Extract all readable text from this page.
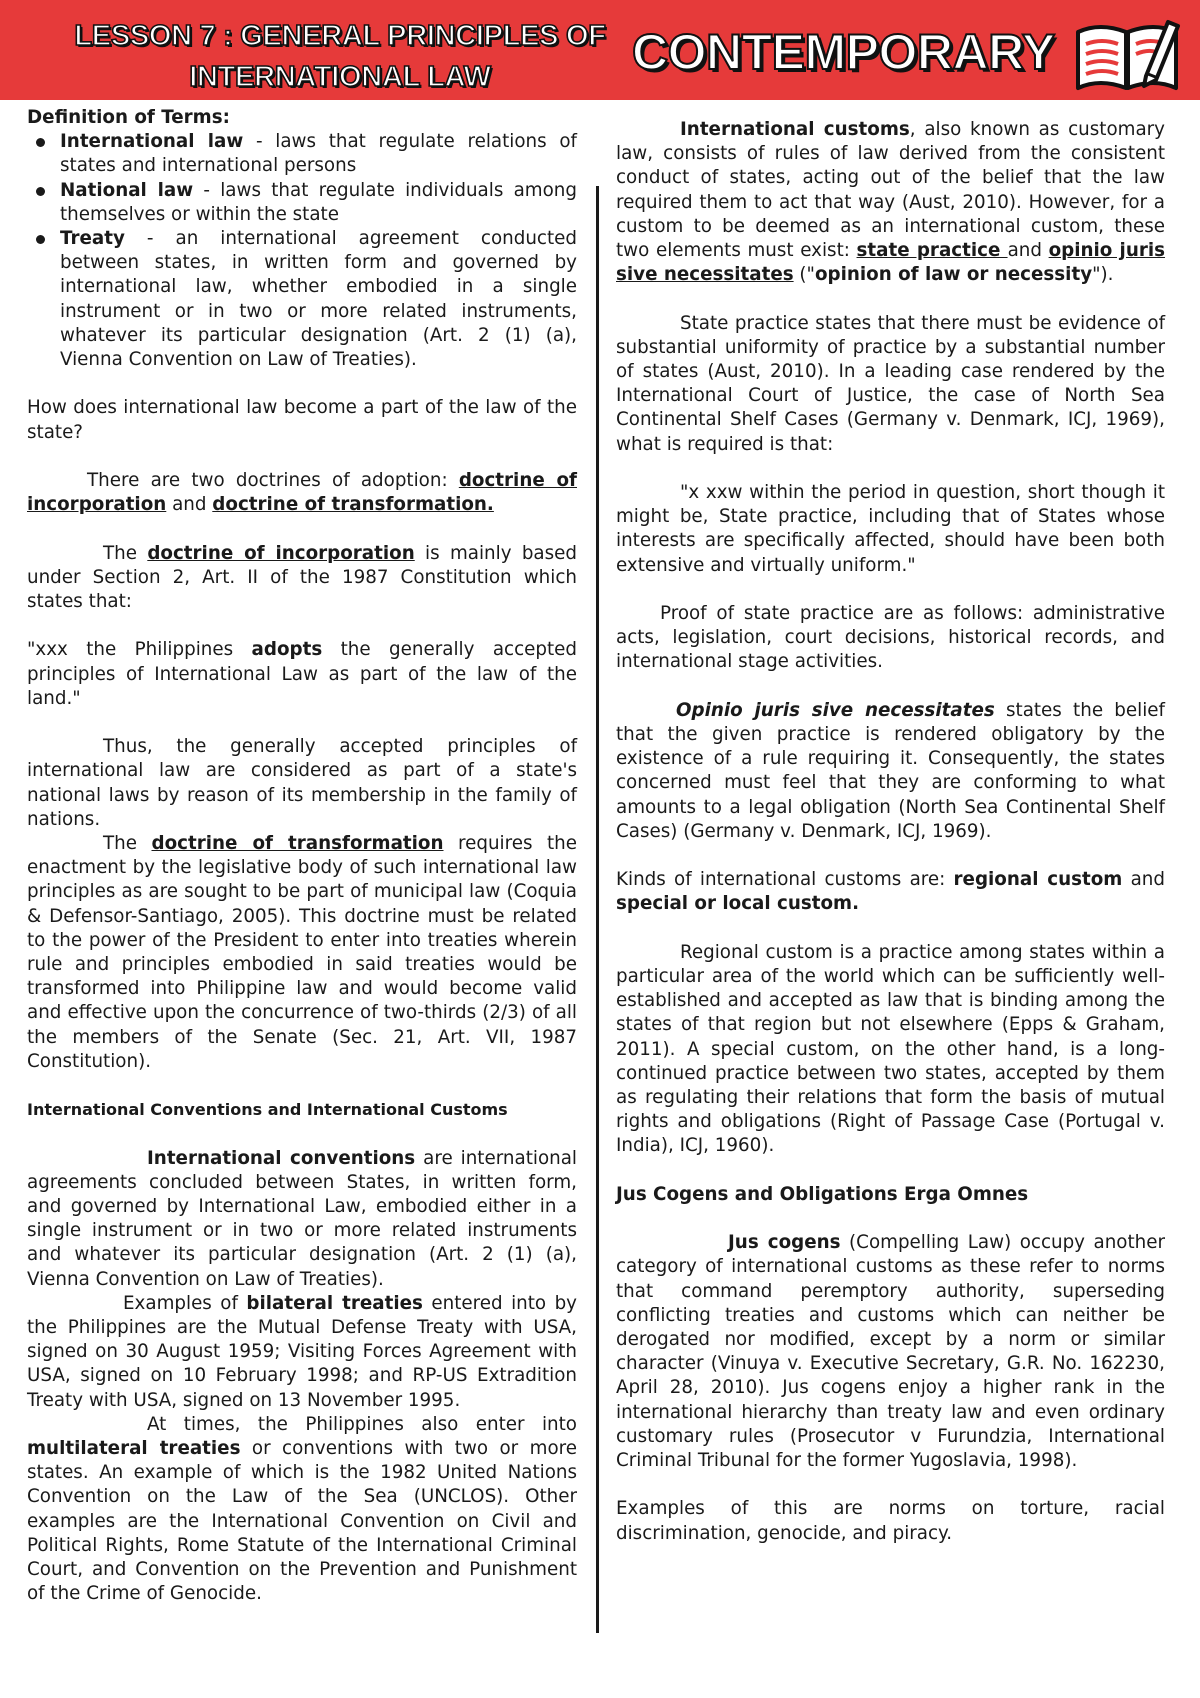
LESSON 7 : GENERAL PRINCIPLES OF
INTERNATIONAL LAW	CONTEMPORARY

Definition of Terms:

International law - laws that regulate relations of states and international persons
National law - laws that regulate individuals among themselves or within the state
Treaty - an international agreement conducted between states, in written form and governed by international law, whether embodied in a single instrument or in two or more related instruments, whatever its particular designation (Art. 2 (1) (a), Vienna Convention on Law of Treaties).

How does international law become a part of the law of the state?

There are two doctrines of adoption: doctrine of incorporation and doctrine of transformation.

The doctrine of incorporation is mainly based under Section 2, Art. II of the 1987 Constitution which states that:

"xxx the Philippines adopts the generally accepted principles of International Law as part of the law of the land."

Thus, the generally accepted principles of international law are considered as part of a state's national laws by reason of its membership in the family of nations.

The doctrine of transformation requires the enactment by the legislative body of such international law principles as are sought to be part of municipal law (Coquia & Defensor-Santiago, 2005). This doctrine must be related to the power of the President to enter into treaties wherein rule and principles embodied in said treaties would be transformed into Philippine law and would become valid and effective upon the concurrence of two-thirds (2/3) of all the members of the Senate (Sec. 21, Art. VII, 1987 Constitution).

International Conventions and International Customs

International conventions are international agreements concluded between States, in written form, and governed by International Law, embodied either in a single instrument or in two or more related instruments and whatever its particular designation (Art. 2 (1) (a), Vienna Convention on Law of Treaties).

Examples of bilateral treaties entered into by the Philippines are the Mutual Defense Treaty with USA, signed on 30 August 1959; Visiting Forces Agreement with USA, signed on 10 February 1998; and RP-US Extradition Treaty with USA, signed on 13 November 1995.

At times, the Philippines also enter into multilateral treaties or conventions with two or more states. An example of which is the 1982 United Nations Convention on the Law of the Sea (UNCLOS). Other examples are the International Convention on Civil and Political Rights, Rome Statute of the International Criminal Court, and Convention on the Prevention and Punishment of the Crime of Genocide.

International customs, also known as customary law, consists of rules of law derived from the consistent conduct of states, acting out of the belief that the law required them to act that way (Aust, 2010). However, for a custom to be deemed as an international custom, these two elements must exist: state practice and opinio juris sive necessitates ("opinion of law or necessity").

State practice states that there must be evidence of substantial uniformity of practice by a substantial number of states (Aust, 2010). In a leading case rendered by the International Court of Justice, the case of North Sea Continental Shelf Cases (Germany v. Denmark, ICJ, 1969), what is required is that:

"x xxw within the period in question, short though it might be, State practice, including that of States whose interests are specifically affected, should have been both extensive and virtually uniform."

Proof of state practice are as follows: administrative acts, legislation, court decisions, historical records, and international stage activities.

Opinio juris sive necessitates states the belief that the given practice is rendered obligatory by the existence of a rule requiring it. Consequently, the states concerned must feel that they are conforming to what amounts to a legal obligation (North Sea Continental Shelf Cases) (Germany v. Denmark, ICJ, 1969).

Kinds of international customs are: regional custom and special or local custom.

Regional custom is a practice among states within a particular area of the world which can be sufficiently well-established and accepted as law that is binding among the states of that region but not elsewhere (Epps & Graham, 2011). A special custom, on the other hand, is a long-continued practice between two states, accepted by them as regulating their relations that form the basis of mutual rights and obligations (Right of Passage Case (Portugal v. India), ICJ, 1960).

Jus Cogens and Obligations Erga Omnes

Jus cogens (Compelling Law) occupy another category of international customs as these refer to norms that command peremptory authority, superseding conflicting treaties and customs which can neither be derogated nor modified, except by a norm or similar character (Vinuya v. Executive Secretary, G.R. No. 162230, April 28, 2010). Jus cogens enjoy a higher rank in the international hierarchy than treaty law and even ordinary customary rules (Prosecutor v Furundzia, International Criminal Tribunal for the former Yugoslavia, 1998).

Examples of this are norms on torture, racial discrimination, genocide, and piracy.
